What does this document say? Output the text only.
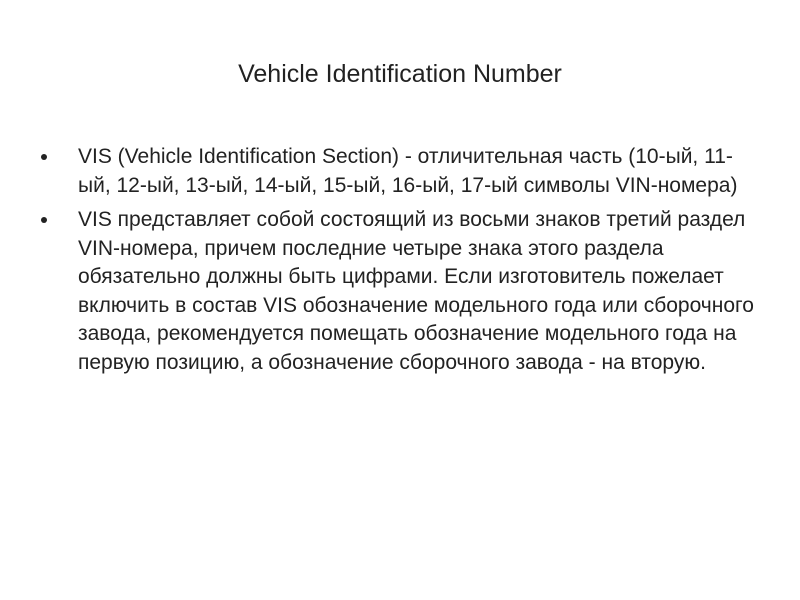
Vehicle Identification Number
VIS (Vehicle Identification Section) - отличительная часть (10-ый, 11-ый, 12-ый, 13-ый, 14-ый, 15-ый, 16-ый, 17-ый символы VIN-номера)
VIS представляет собой состоящий из восьми знаков третий раздел VIN-номера, причем последние четыре знака этого раздела обязательно должны быть цифрами. Если изготовитель пожелает включить в состав VIS обозначение модельного года или сборочного завода, рекомендуется помещать обозначение модельного года на первую позицию, а обозначение сборочного завода - на вторую.
